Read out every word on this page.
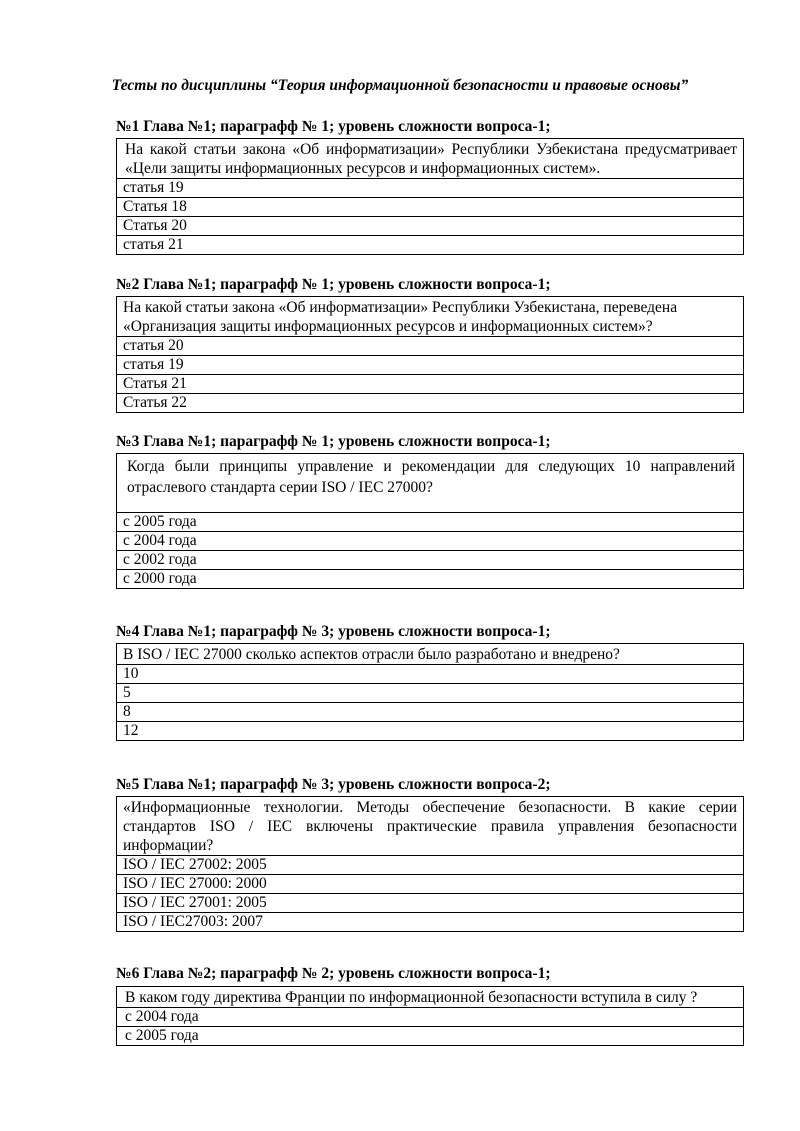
Тесты по дисциплины “Теория информационной безопасности и правовые основы”
№1 Глава №1; параграфф № 1; уровень сложности вопроса-1;
На какой статьи закона «Об информатизации» Республики Узбекистана предусматривает «Цели защиты информационных ресурсов и информационных систем».
статья 19
Статья 18
Статья 20
статья 21
№2 Глава №1; параграфф № 1; уровень сложности вопроса-1;
На какой статьи закона «Об информатизации» Республики Узбекистана, переведена «Организация защиты информационных ресурсов и информационных систем»?
статья 20
статья 19
Статья 21
Статья 22
№3 Глава №1; параграфф № 1; уровень сложности вопроса-1;
Когда были принципы управление и рекомендации для следующих 10 направлений отраслевого стандарта серии ISO / IEC 27000?
с 2005 года
с 2004 года
с 2002 года
с 2000 года
№4 Глава №1; параграфф № 3; уровень сложности вопроса-1;
В ISO / IEC 27000 сколько аспектов отрасли было разработано и внедрено?
10
5
8
12
№5 Глава №1; параграфф № 3; уровень сложности вопроса-2;
«Информационные технологии. Методы обеспечение безопасности. В какие серии стандартов ISO / IEC включены практические правила управления безопасности информации?
ISO / IEC 27002: 2005
ISO / IEC 27000: 2000
ISO / IEC 27001: 2005
ISO / IEC27003: 2007
№6 Глава №2; параграфф № 2; уровень сложности вопроса-1;
В каком году директива Франции по информационной безопасности вступила в силу ?
с 2004 года
с 2005 года
